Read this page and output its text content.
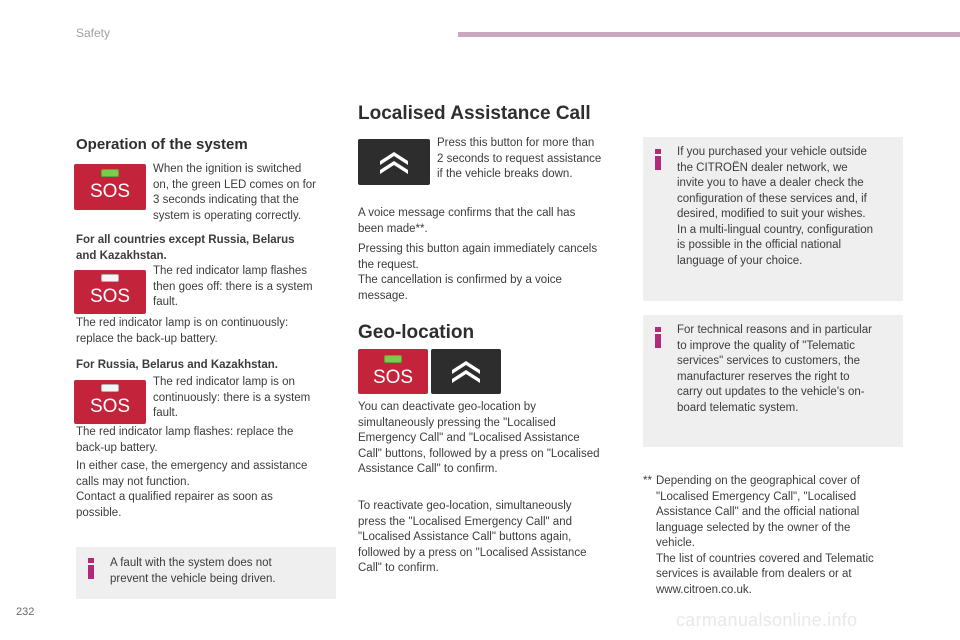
Safety
Operation of the system
SOS
When the ignition is switched
on, the green LED comes on for
3 seconds indicating that the
system is operating correctly.
For all countries except Russia, Belarus
and Kazakhstan.
SOS
The red indicator lamp flashes
then goes off: there is a system
fault.
The red indicator lamp is on continuously:
replace the back-up battery.
For Russia, Belarus and Kazakhstan.
SOS
The red indicator lamp is on
continuously: there is a system
fault.
The red indicator lamp flashes: replace the
back-up battery.
In either case, the emergency and assistance
calls may not function.
Contact a qualified repairer as soon as
possible.
A fault with the system does not
prevent the vehicle being driven.
Localised Assistance Call
Press this button for more than
2 seconds to request assistance
if the vehicle breaks down.
A voice message confirms that the call has
been made**.
Pressing this button again immediately cancels
the request.
The cancellation is confirmed by a voice
message.
Geo-location
SOS
You can deactivate geo-location by
simultaneously pressing the "Localised
Emergency Call" and "Localised Assistance
Call" buttons, followed by a press on "Localised
Assistance Call" to confirm.
To reactivate geo-location, simultaneously
press the "Localised Emergency Call" and
"Localised Assistance Call" buttons again,
followed by a press on "Localised Assistance
Call" to confirm.
If you purchased your vehicle outside
the CITROËN dealer network, we
invite you to have a dealer check the
configuration of these services and, if
desired, modified to suit your wishes.
In a multi-lingual country, configuration
is possible in the official national
language of your choice.
For technical reasons and in particular
to improve the quality of "Telematic
services" services to customers, the
manufacturer reserves the right to
carry out updates to the vehicle's on-
board telematic system.
** Depending on the geographical cover of
"Localised Emergency Call", "Localised
Assistance Call" and the official national
language selected by the owner of the
vehicle.
The list of countries covered and Telematic
services is available from dealers or at
www.citroen.co.uk.
232	carmanualsonline.info
